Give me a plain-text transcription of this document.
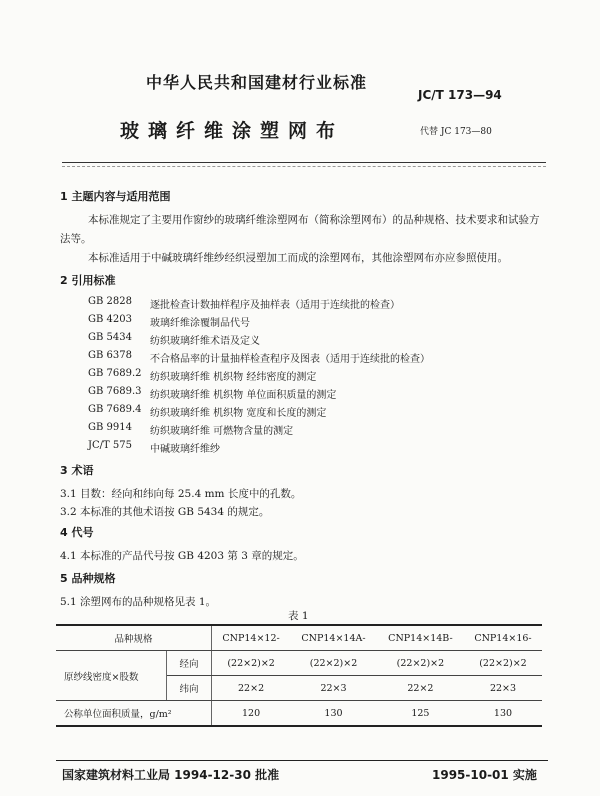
中华人民共和国建材行业标准
JC/T 173—94
玻璃纤维涂塑网布	代替 JC 173—80
1 主题内容与适用范围
本标准规定了主要用作窗纱的玻璃纤维涂塑网布（简称涂塑网布）的品种规格、技术要求和试验方
法等。
本标准适用于中碱玻璃纤维纱经织浸塑加工而成的涂塑网布，其他涂塑网布亦应参照使用。
2 引用标准
GB 2828 逐批检查计数抽样程序及抽样表（适用于连续批的检查）
GB 4203 玻璃纤维涂覆制品代号
GB 5434 纺织玻璃纤维术语及定义
GB 6378 不合格品率的计量抽样检查程序及图表（适用于连续批的检查）
GB 7689.2 纺织玻璃纤维 机织物 经纬密度的测定
GB 7689.3 纺织玻璃纤维 机织物 单位面积质量的测定
GB 7689.4 纺织玻璃纤维 机织物 宽度和长度的测定
GB 9914 纺织玻璃纤维 可燃物含量的测定
JC/T 575 中碱玻璃纤维纱
3 术语
3.1 目数：经向和纬向每 25.4 mm 长度中的孔数。
3.2 本标准的其他术语按 GB 5434 的规定。
4 代号
4.1 本标准的产品代号按 GB 4203 第 3 章的规定。
5 品种规格
5.1 涂塑网布的品种规格见表 1。
表 1
品种规格		CNP14×12-	CNP14×14A-	CNP14×14B-	CNP14×16-
原纱线密度×股数	经向	(22×2)×2	(22×2)×2	(22×2)×2	(22×2)×2
	纬向	22×2	22×3	22×2	22×3
公称单位面积质量，g/m²		120	130	125	130
国家建筑材料工业局 1994-12-30 批准	1995-10-01 实施
